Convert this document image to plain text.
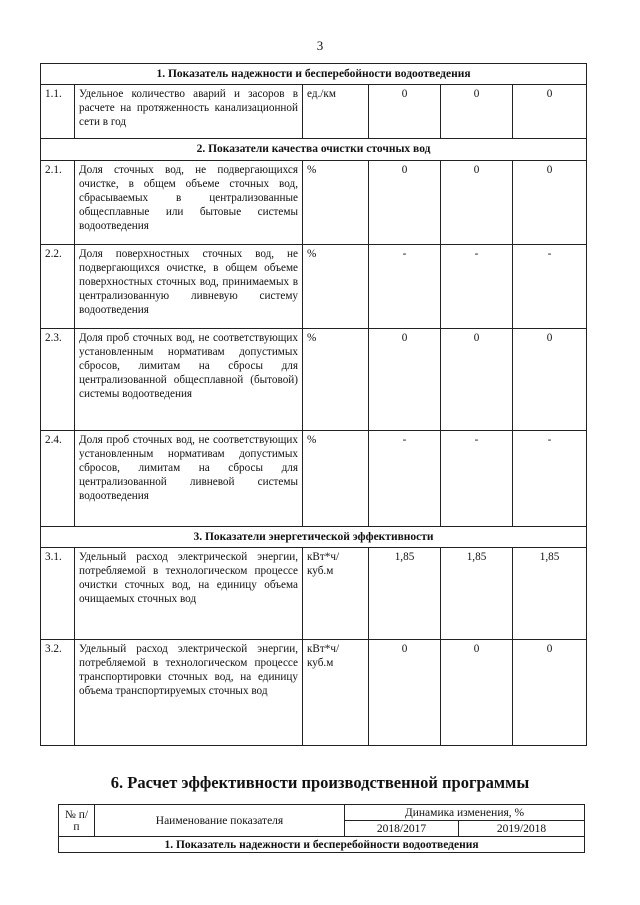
3
1. Показатель надежности и бесперебойности водоотведения					
1.1.	Удельное количество аварий и засоров в расчете на протяженность канализационной сети в год	ед./км	0	0	0
2. Показатели качества очистки сточных вод					
2.1.	Доля сточных вод, не подвергающихся очистке, в общем объеме сточных вод, сбрасываемых в централизованные общесплавные или бытовые системы водоотведения	%	0	0	0
2.2.	Доля поверхностных сточных вод, не подвергающихся очистке, в общем объеме поверхностных сточных вод, принимаемых в централизованную ливневую систему водоотведения	%	-	-	-
2.3.	Доля проб сточных вод, не соответствующих установленным нормативам допустимых сбросов, лимитам на сбросы для централизованной общесплавной (бытовой) системы водоотведения	%	0	0	0
2.4.	Доля проб сточных вод, не соответствующих установленным нормативам допустимых сбросов, лимитам на сбросы для централизованной ливневой системы водоотведения	%	-	-	-
3. Показатели энергетической эффективности					
3.1.	Удельный расход электрической энергии, потребляемой в технологическом процессе очистки сточных вод, на единицу объема очищаемых сточных вод	кВт*ч/куб.м	1,85	1,85	1,85
3.2.	Удельный расход электрической энергии, потребляемой в технологическом процессе транспортировки сточных вод, на единицу объема транспортируемых сточных вод	кВт*ч/куб.м	0	0	0
6. Расчет эффективности производственной программы
№ п/п	Наименование показателя	Динамика изменения, %	
		2018/2017	2019/2018
1. Показатель надежности и бесперебойности водоотведения			
